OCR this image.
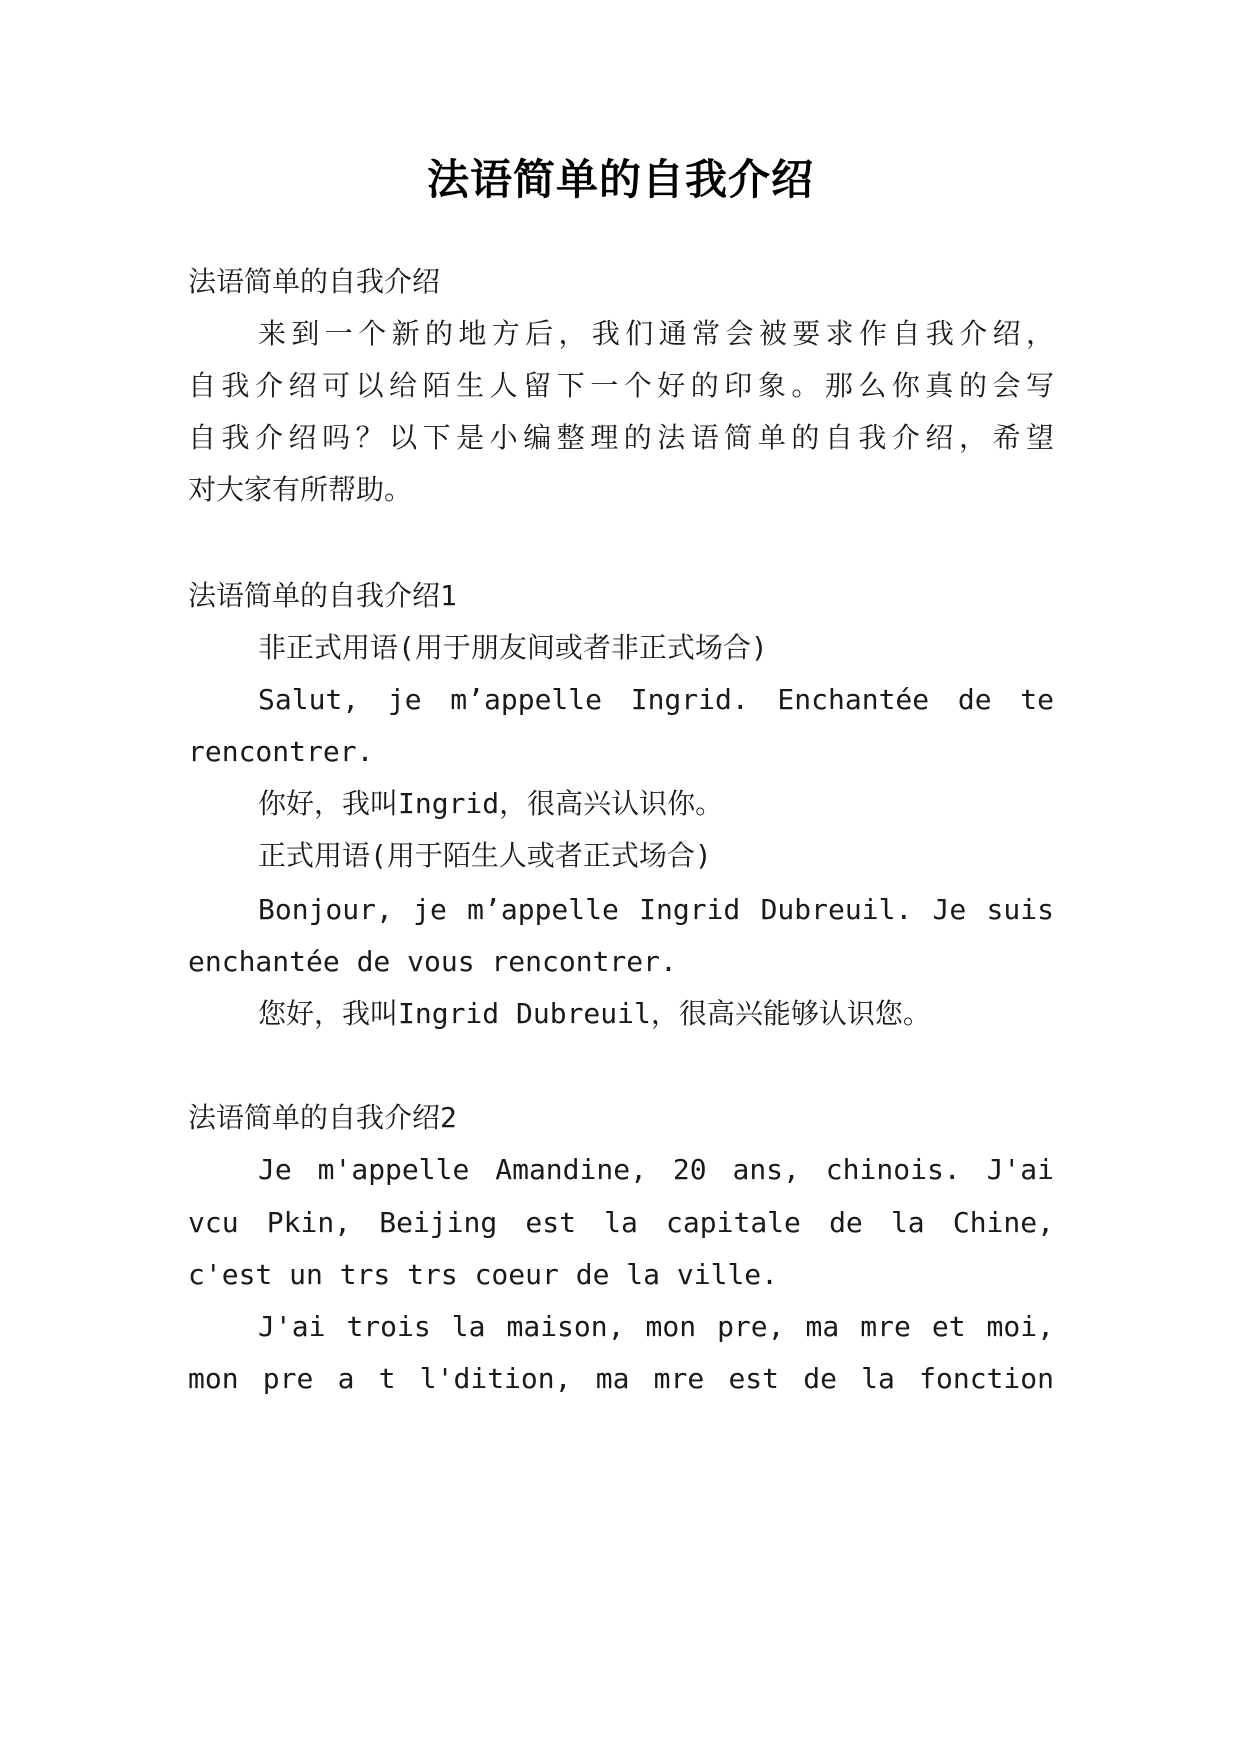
法语简单的自我介绍
法语简单的自我介绍
来到一个新的地方后，我们通常会被要求作自我介绍，
自我介绍可以给陌生人留下一个好的印象。那么你真的会写
自我介绍吗？以下是小编整理的法语简单的自我介绍，希望
对大家有所帮助。
法语简单的自我介绍1
非正式用语(用于朋友间或者非正式场合)
Salut, je m’appelle Ingrid. Enchantée de te
rencontrer.
你好，我叫Ingrid，很高兴认识你。
正式用语(用于陌生人或者正式场合)
Bonjour, je m’appelle Ingrid Dubreuil. Je suis
enchantée de vous rencontrer.
您好，我叫Ingrid Dubreuil，很高兴能够认识您。
法语简单的自我介绍2
Je m'appelle Amandine, 20 ans, chinois. J'ai
vcu Pkin, Beijing est la capitale de la Chine,
c'est un trs trs coeur de la ville.
J'ai trois la maison, mon pre, ma mre et moi,
mon pre a t l'dition, ma mre est de la fonction
